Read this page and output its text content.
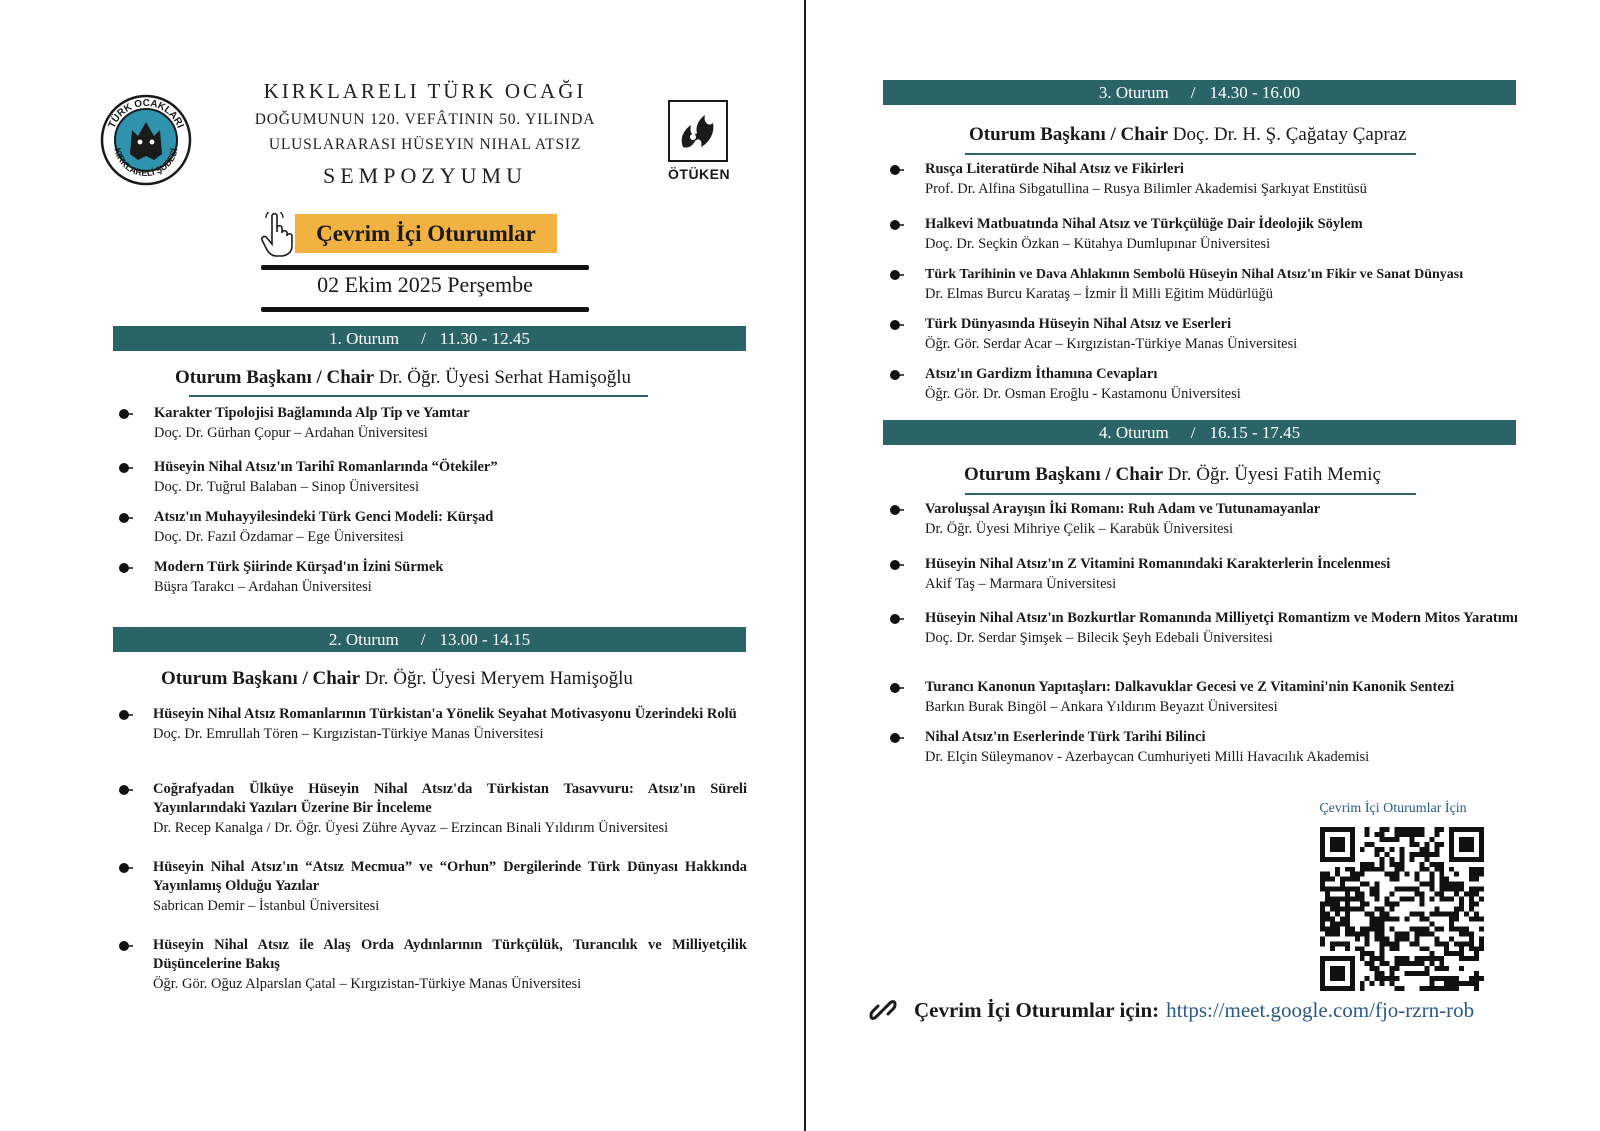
TÜRK OCAKLARI
KIRKLARELİ ŞUBESİ
KIRKLARELI TÜRK OCAĞI
DOĞUMUNUN 120. VEFÂTININ 50. YILINDA
ULUSLARARASI HÜSEYIN NIHAL ATSIZ
SEMPOZYUMU	ÖTÜKEN
Çevrim İçi Oturumlar
02 Ekim 2025 Perşembe
1. Oturum / 11.30 - 12.45
Oturum Başkanı / Chair Dr. Öğr. Üyesi Serhat Hamişoğlu
Karakter Tipolojisi Bağlamında Alp Tip ve Yamtar
Doç. Dr. Gürhan Çopur – Ardahan Üniversitesi
Hüseyin Nihal Atsız'ın Tarihî Romanlarında “Ötekiler”
Doç. Dr. Tuğrul Balaban – Sinop Üniversitesi
Atsız'ın Muhayyilesindeki Türk Genci Modeli: Kürşad
Doç. Dr. Fazıl Özdamar – Ege Üniversitesi
Modern Türk Şiirinde Kürşad'ın İzini Sürmek
Büşra Tarakcı – Ardahan Üniversitesi
2. Oturum / 13.00 - 14.15
Oturum Başkanı / Chair Dr. Öğr. Üyesi Meryem Hamişoğlu
Hüseyin Nihal Atsız Romanlarının Türkistan'a Yönelik Seyahat Motivasyonu Üzerindeki Rolü
Doç. Dr. Emrullah Tören – Kırgızistan-Türkiye Manas Üniversitesi
Coğrafyadan Ülküye Hüseyin Nihal Atsız'da Türkistan Tasavvuru: Atsız'ın Süreli Yayınlarındaki Yazıları Üzerine Bir İnceleme
Dr. Recep Kanalga / Dr. Öğr. Üyesi Zühre Ayvaz – Erzincan Binali Yıldırım Üniversitesi
Hüseyin Nihal Atsız'ın “Atsız Mecmua” ve “Orhun” Dergilerinde Türk Dünyası Hakkında Yayınlamış Olduğu Yazılar
Sabrican Demir – İstanbul Üniversitesi
Hüseyin Nihal Atsız ile Alaş Orda Aydınlarının Türkçülük, Turancılık ve Milliyetçilik Düşüncelerine Bakış
Öğr. Gör. Oğuz Alparslan Çatal – Kırgızistan-Türkiye Manas Üniversitesi
3. Oturum / 14.30 - 16.00
Oturum Başkanı / Chair Doç. Dr. H. Ş. Çağatay Çapraz
Rusça Literatürde Nihal Atsız ve Fikirleri
Prof. Dr. Alfina Sibgatullina – Rusya Bilimler Akademisi Şarkıyat Enstitüsü
Halkevi Matbuatında Nihal Atsız ve Türkçülüğe Dair İdeolojik Söylem
Doç. Dr. Seçkin Özkan – Kütahya Dumlupınar Üniversitesi
Türk Tarihinin ve Dava Ahlakının Sembolü Hüseyin Nihal Atsız'ın Fikir ve Sanat Dünyası
Dr. Elmas Burcu Karataş – İzmir İl Milli Eğitim Müdürlüğü
Türk Dünyasında Hüseyin Nihal Atsız ve Eserleri
Öğr. Gör. Serdar Acar – Kırgızistan-Türkiye Manas Üniversitesi
Atsız'ın Gardizm İthamına Cevapları
Öğr. Gör. Dr. Osman Eroğlu - Kastamonu Üniversitesi
4. Oturum / 16.15 - 17.45
Oturum Başkanı / Chair Dr. Öğr. Üyesi Fatih Memiç
Varoluşsal Arayışın İki Romanı: Ruh Adam ve Tutunamayanlar
Dr. Öğr. Üyesi Mihriye Çelik – Karabük Üniversitesi
Hüseyin Nihal Atsız'ın Z Vitamini Romanındaki Karakterlerin İncelenmesi
Akif Taş – Marmara Üniversitesi
Hüseyin Nihal Atsız'ın Bozkurtlar Romanında Milliyetçi Romantizm ve Modern Mitos Yaratımı
Doç. Dr. Serdar Şimşek – Bilecik Şeyh Edebali Üniversitesi
Turancı Kanonun Yapıtaşları: Dalkavuklar Gecesi ve Z Vitamini'nin Kanonik Sentezi
Barkın Burak Bingöl – Ankara Yıldırım Beyazıt Üniversitesi
Nihal Atsız'ın Eserlerinde Türk Tarihi Bilinci
Dr. Elçin Süleymanov - Azerbaycan Cumhuriyeti Milli Havacılık Akademisi
Çevrim İçi Oturumlar İçin
Çevrim İçi Oturumlar için: https://meet.google.com/fjo-rzrn-rob
